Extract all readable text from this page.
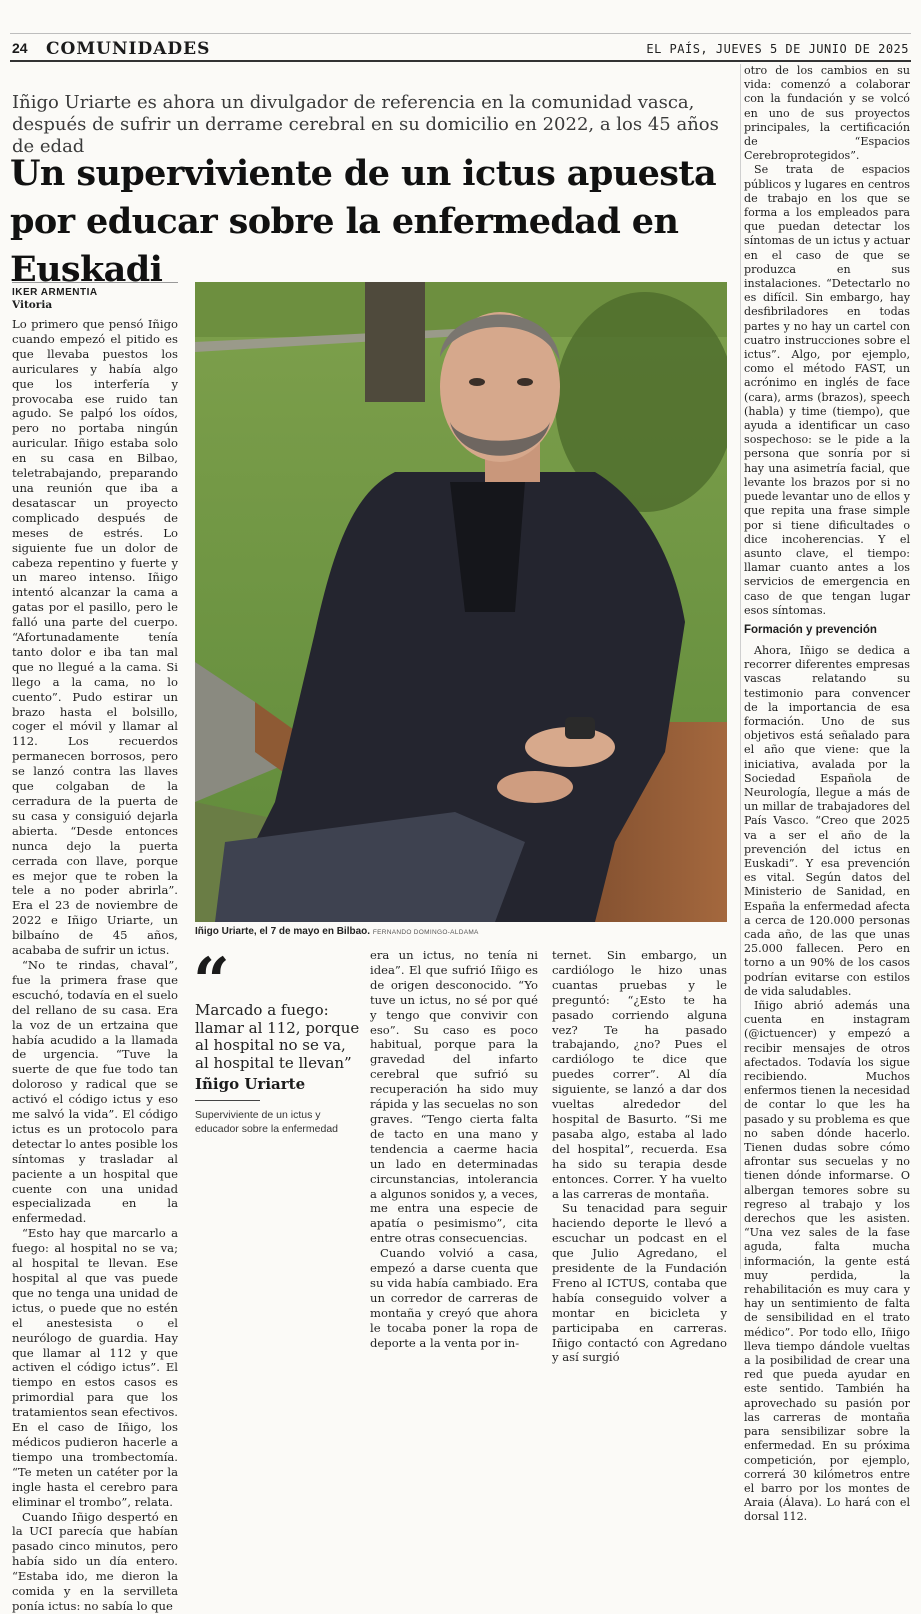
24 COMUNIDADES	EL PAÍS, JUEVES 5 DE JUNIO DE 2025
Iñigo Uriarte es ahora un divulgador de referencia en la comunidad vasca, después de sufrir un derrame cerebral en su domicilio en 2022, a los 45 años de edad
Un superviviente de un ictus apuesta por educar sobre la enfermedad en Euskadi
IKER ARMENTIA
Vitoria

Lo primero que pensó Iñigo cuando empezó el pitido es que llevaba puestos los auriculares y había algo que los interfería y provocaba ese ruido tan agudo. Se palpó los oídos, pero no portaba ningún auricular. Iñigo estaba solo en su casa en Bilbao, teletrabajando, preparando una reunión que iba a desatascar un proyecto complicado después de meses de estrés. Lo siguiente fue un dolor de cabeza repentino y fuerte y un mareo intenso. Iñigo intentó alcanzar la cama a gatas por el pasillo, pero le falló una parte del cuerpo. “Afortunadamente tenía tanto dolor e iba tan mal que no llegué a la cama. Si llego a la cama, no lo cuento”. Pudo estirar un brazo hasta el bolsillo, coger el móvil y llamar al 112. Los recuerdos permanecen borrosos, pero se lanzó contra las llaves que colgaban de la cerradura de la puerta de su casa y consiguió dejarla abierta. “Desde entonces nunca dejo la puerta cerrada con llave, porque es mejor que te roben la tele a no poder abrirla”. Era el 23 de noviembre de 2022 e Iñigo Uriarte, un bilbaíno de 45 años, acababa de sufrir un ictus.

“No te rindas, chaval”, fue la primera frase que escuchó, todavía en el suelo del rellano de su casa. Era la voz de un ertzaina que había acudido a la llamada de urgencia. “Tuve la suerte de que fue todo tan doloroso y radical que se activó el código ictus y eso me salvó la vida”. El código ictus es un protocolo para detectar lo antes posible los síntomas y trasladar al paciente a un hospital que cuente con una unidad especializada en la enfermedad.

“Esto hay que marcarlo a fuego: al hospital no se va; al hospital te llevan. Ese hospital al que vas puede que no tenga una unidad de ictus, o puede que no estén el anestesista o el neurólogo de guardia. Hay que llamar al 112 y que activen el código ictus”. El tiempo en estos casos es primordial para que los tratamientos sean efectivos. En el caso de Iñigo, los médicos pudieron hacerle a tiempo una trombectomía. “Te meten un catéter por la ingle hasta el cerebro para eliminar el trombo”, relata.

Cuando Iñigo despertó en la UCI parecía que habían pasado cinco minutos, pero había sido un día entero. “Estaba ido, me dieron la comida y en la servilleta ponía ictus: no sabía lo que

Iñigo Uriarte, el 7 de mayo en Bilbao. FERNANDO DOMINGO-ALDAMA
“
Marcado a fuego: llamar al 112, porque al hospital no se va, al hospital te llevan”
Iñigo Uriarte
Superviviente de un ictus y educador sobre la enfermedad

era un ictus, no tenía ni idea”. El que sufrió Iñigo es de origen desconocido. “Yo tuve un ictus, no sé por qué y tengo que convivir con eso”. Su caso es poco habitual, porque para la gravedad del infarto cerebral que sufrió su recuperación ha sido muy rápida y las secuelas no son graves. “Tengo cierta falta de tacto en una mano y tendencia a caerme hacia un lado en determinadas circunstancias, intolerancia a algunos sonidos y, a veces, me entra una especie de apatía o pesimismo”, cita entre otras consecuencias.

Cuando volvió a casa, empezó a darse cuenta que su vida había cambiado. Era un corredor de carreras de montaña y creyó que ahora le tocaba poner la ropa de deporte a la venta por in-

ternet. Sin embargo, un cardiólogo le hizo unas cuantas pruebas y le preguntó: “¿Esto te ha pasado corriendo alguna vez? Te ha pasado trabajando, ¿no? Pues el cardiólogo te dice que puedes correr”. Al día siguiente, se lanzó a dar dos vueltas alrededor del hospital de Basurto. “Si me pasaba algo, estaba al lado del hospital”, recuerda. Esa ha sido su terapia desde entonces. Correr. Y ha vuelto a las carreras de montaña.

Su tenacidad para seguir haciendo deporte le llevó a escuchar un podcast en el que Julio Agredano, el presidente de la Fundación Freno al ICTUS, contaba que había conseguido volver a montar en bicicleta y participaba en carreras. Iñigo contactó con Agredano y así surgió

otro de los cambios en su vida: comenzó a colaborar con la fundación y se volcó en uno de sus proyectos principales, la certificación de “Espacios Cerebroprotegidos”.

Se trata de espacios públicos y lugares en centros de trabajo en los que se forma a los empleados para que puedan detectar los síntomas de un ictus y actuar en el caso de que se produzca en sus instalaciones. “Detectarlo no es difícil. Sin embargo, hay desfibriladores en todas partes y no hay un cartel con cuatro instrucciones sobre el ictus”. Algo, por ejemplo, como el método FAST, un acrónimo en inglés de face (cara), arms (brazos), speech (habla) y time (tiempo), que ayuda a identificar un caso sospechoso: se le pide a la persona que sonría por si hay una asimetría facial, que levante los brazos por si no puede levantar uno de ellos y que repita una frase simple por si tiene dificultades o dice incoherencias. Y el asunto clave, el tiempo: llamar cuanto antes a los servicios de emergencia en caso de que tengan lugar esos síntomas.

Formación y prevención

Ahora, Iñigo se dedica a recorrer diferentes empresas vascas relatando su testimonio para convencer de la importancia de esa formación. Uno de sus objetivos está señalado para el año que viene: que la iniciativa, avalada por la Sociedad Española de Neurología, llegue a más de un millar de trabajadores del País Vasco. “Creo que 2025 va a ser el año de la prevención del ictus en Euskadi”. Y esa prevención es vital. Según datos del Ministerio de Sanidad, en España la enfermedad afecta a cerca de 120.000 personas cada año, de las que unas 25.000 fallecen. Pero en torno a un 90% de los casos podrían evitarse con estilos de vida saludables.

Iñigo abrió además una cuenta en instagram (@ictuencer) y empezó a recibir mensajes de otros afectados. Todavía los sigue recibiendo. Muchos enfermos tienen la necesidad de contar lo que les ha pasado y su problema es que no saben dónde hacerlo. Tienen dudas sobre cómo afrontar sus secuelas y no tienen dónde informarse. O albergan temores sobre su regreso al trabajo y los derechos que les asisten. “Una vez sales de la fase aguda, falta mucha información, la gente está muy perdida, la rehabilitación es muy cara y hay un sentimiento de falta de sensibilidad en el trato médico”. Por todo ello, Iñigo lleva tiempo dándole vueltas a la posibilidad de crear una red que pueda ayudar en este sentido. También ha aprovechado su pasión por las carreras de montaña para sensibilizar sobre la enfermedad. En su próxima competición, por ejemplo, correrá 30 kilómetros entre el barro por los montes de Araia (Álava). Lo hará con el dorsal 112.
